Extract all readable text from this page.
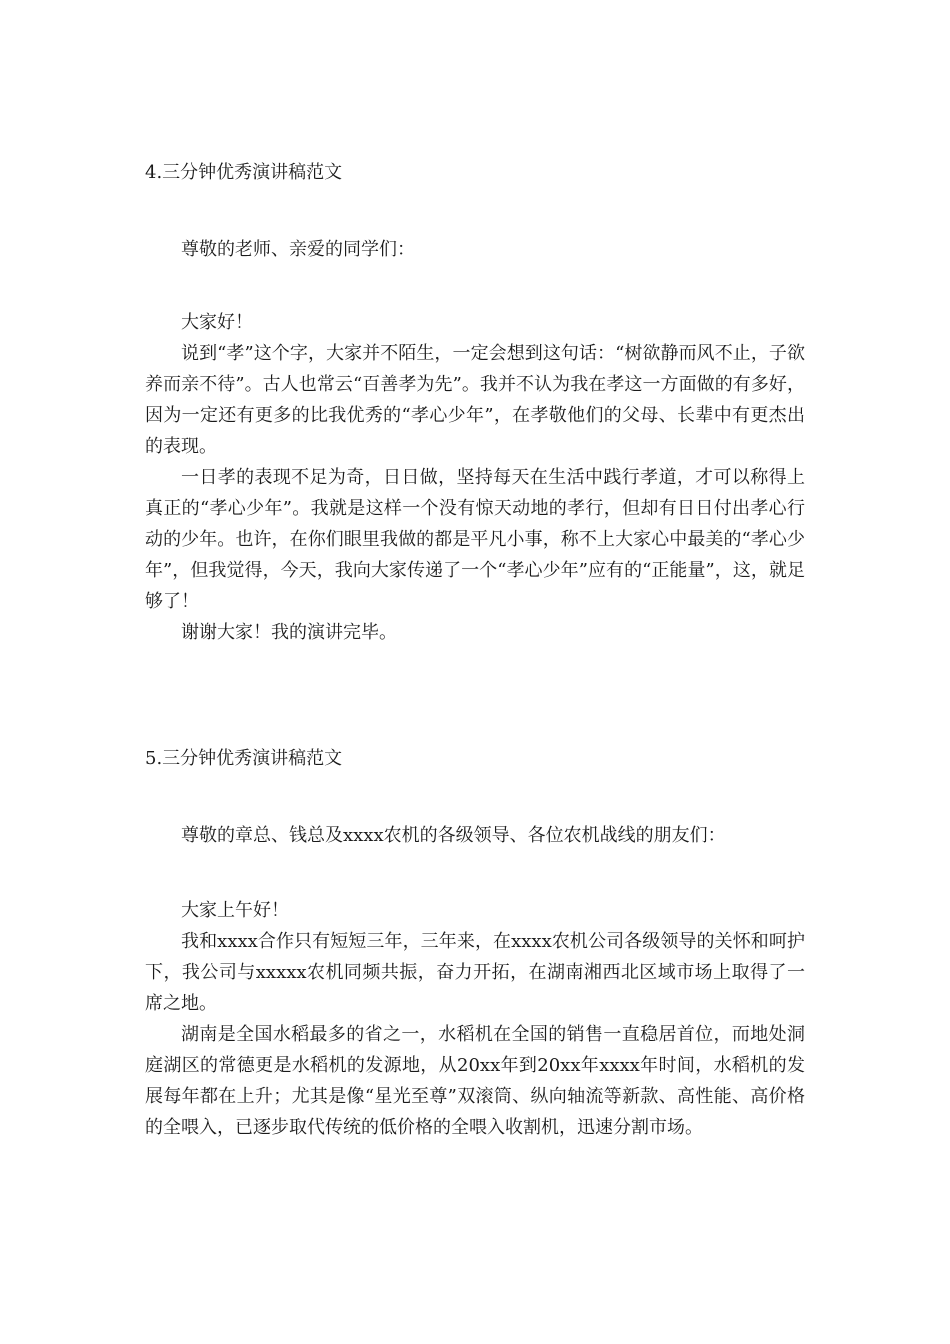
4.三分钟优秀演讲稿范文
尊敬的老师、亲爱的同学们：

大家好！

说到“孝”这个字，大家并不陌生，一定会想到这句话：“树欲静而风不止，子欲养而亲不待”。古人也常云“百善孝为先”。我并不认为我在孝这一方面做的有多好，因为一定还有更多的比我优秀的“孝心少年”，在孝敬他们的父母、长辈中有更杰出的表现。

一日孝的表现不足为奇，日日做，坚持每天在生活中践行孝道，才可以称得上真正的“孝心少年”。我就是这样一个没有惊天动地的孝行，但却有日日付出孝心行动的少年。也许，在你们眼里我做的都是平凡小事，称不上大家心中最美的“孝心少年”，但我觉得，今天，我向大家传递了一个“孝心少年”应有的“正能量”，这，就足够了！

谢谢大家！我的演讲完毕。

5.三分钟优秀演讲稿范文
尊敬的章总、钱总及xxxx农机的各级领导、各位农机战线的朋友们：

大家上午好！

我和xxxx合作只有短短三年，三年来，在xxxx农机公司各级领导的关怀和呵护下，我公司与xxxxx农机同频共振，奋力开拓，在湖南湘西北区域市场上取得了一席之地。

湖南是全国水稻最多的省之一，水稻机在全国的销售一直稳居首位，而地处洞庭湖区的常德更是水稻机的发源地，从20xx年到20xx年xxxx年时间，水稻机的发展每年都在上升；尤其是像“星光至尊”双滚筒、纵向轴流等新款、高性能、高价格的全喂入，已逐步取代传统的低价格的全喂入收割机，迅速分割市场。
